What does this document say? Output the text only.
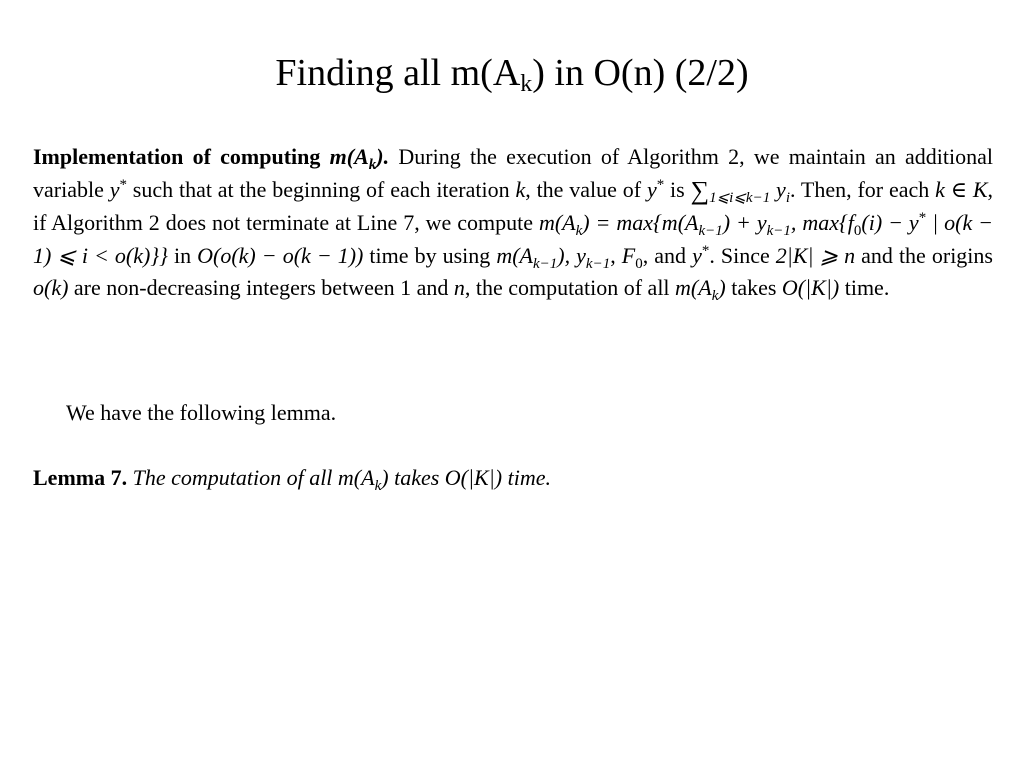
Finding all $m(A_k)$ in O(n) (2/2)
Implementation of computing $m(A_k)$. During the execution of Algorithm 2, we maintain an additional variable y* such that at the beginning of each iteration k, the value of y* is $\sum_{1⩽i⩽k-1}$ $y_i$. Then, for each k ∈ K, if Algorithm 2 does not terminate at Line 7, we compute $m(A_k) = \max\{m(A_{k-1}) + y_{k-1}$, $\max\{f_0(i) - y^*$ | o(k − 1) ⩽ i < o(k)}} in O(o(k) − o(k − 1)) time by using $m(A_{k-1})$, $y_{k-1}$, $F_0$, and y*. Since 2|K| ⩾ n and the origins o(k) are non-decreasing integers between 1 and n, the computation of all $m(A_k)$ takes O(|K|) time.
We have the following lemma.
Lemma 7. The computation of all $m(A_k)$ takes O(|K|) time.
